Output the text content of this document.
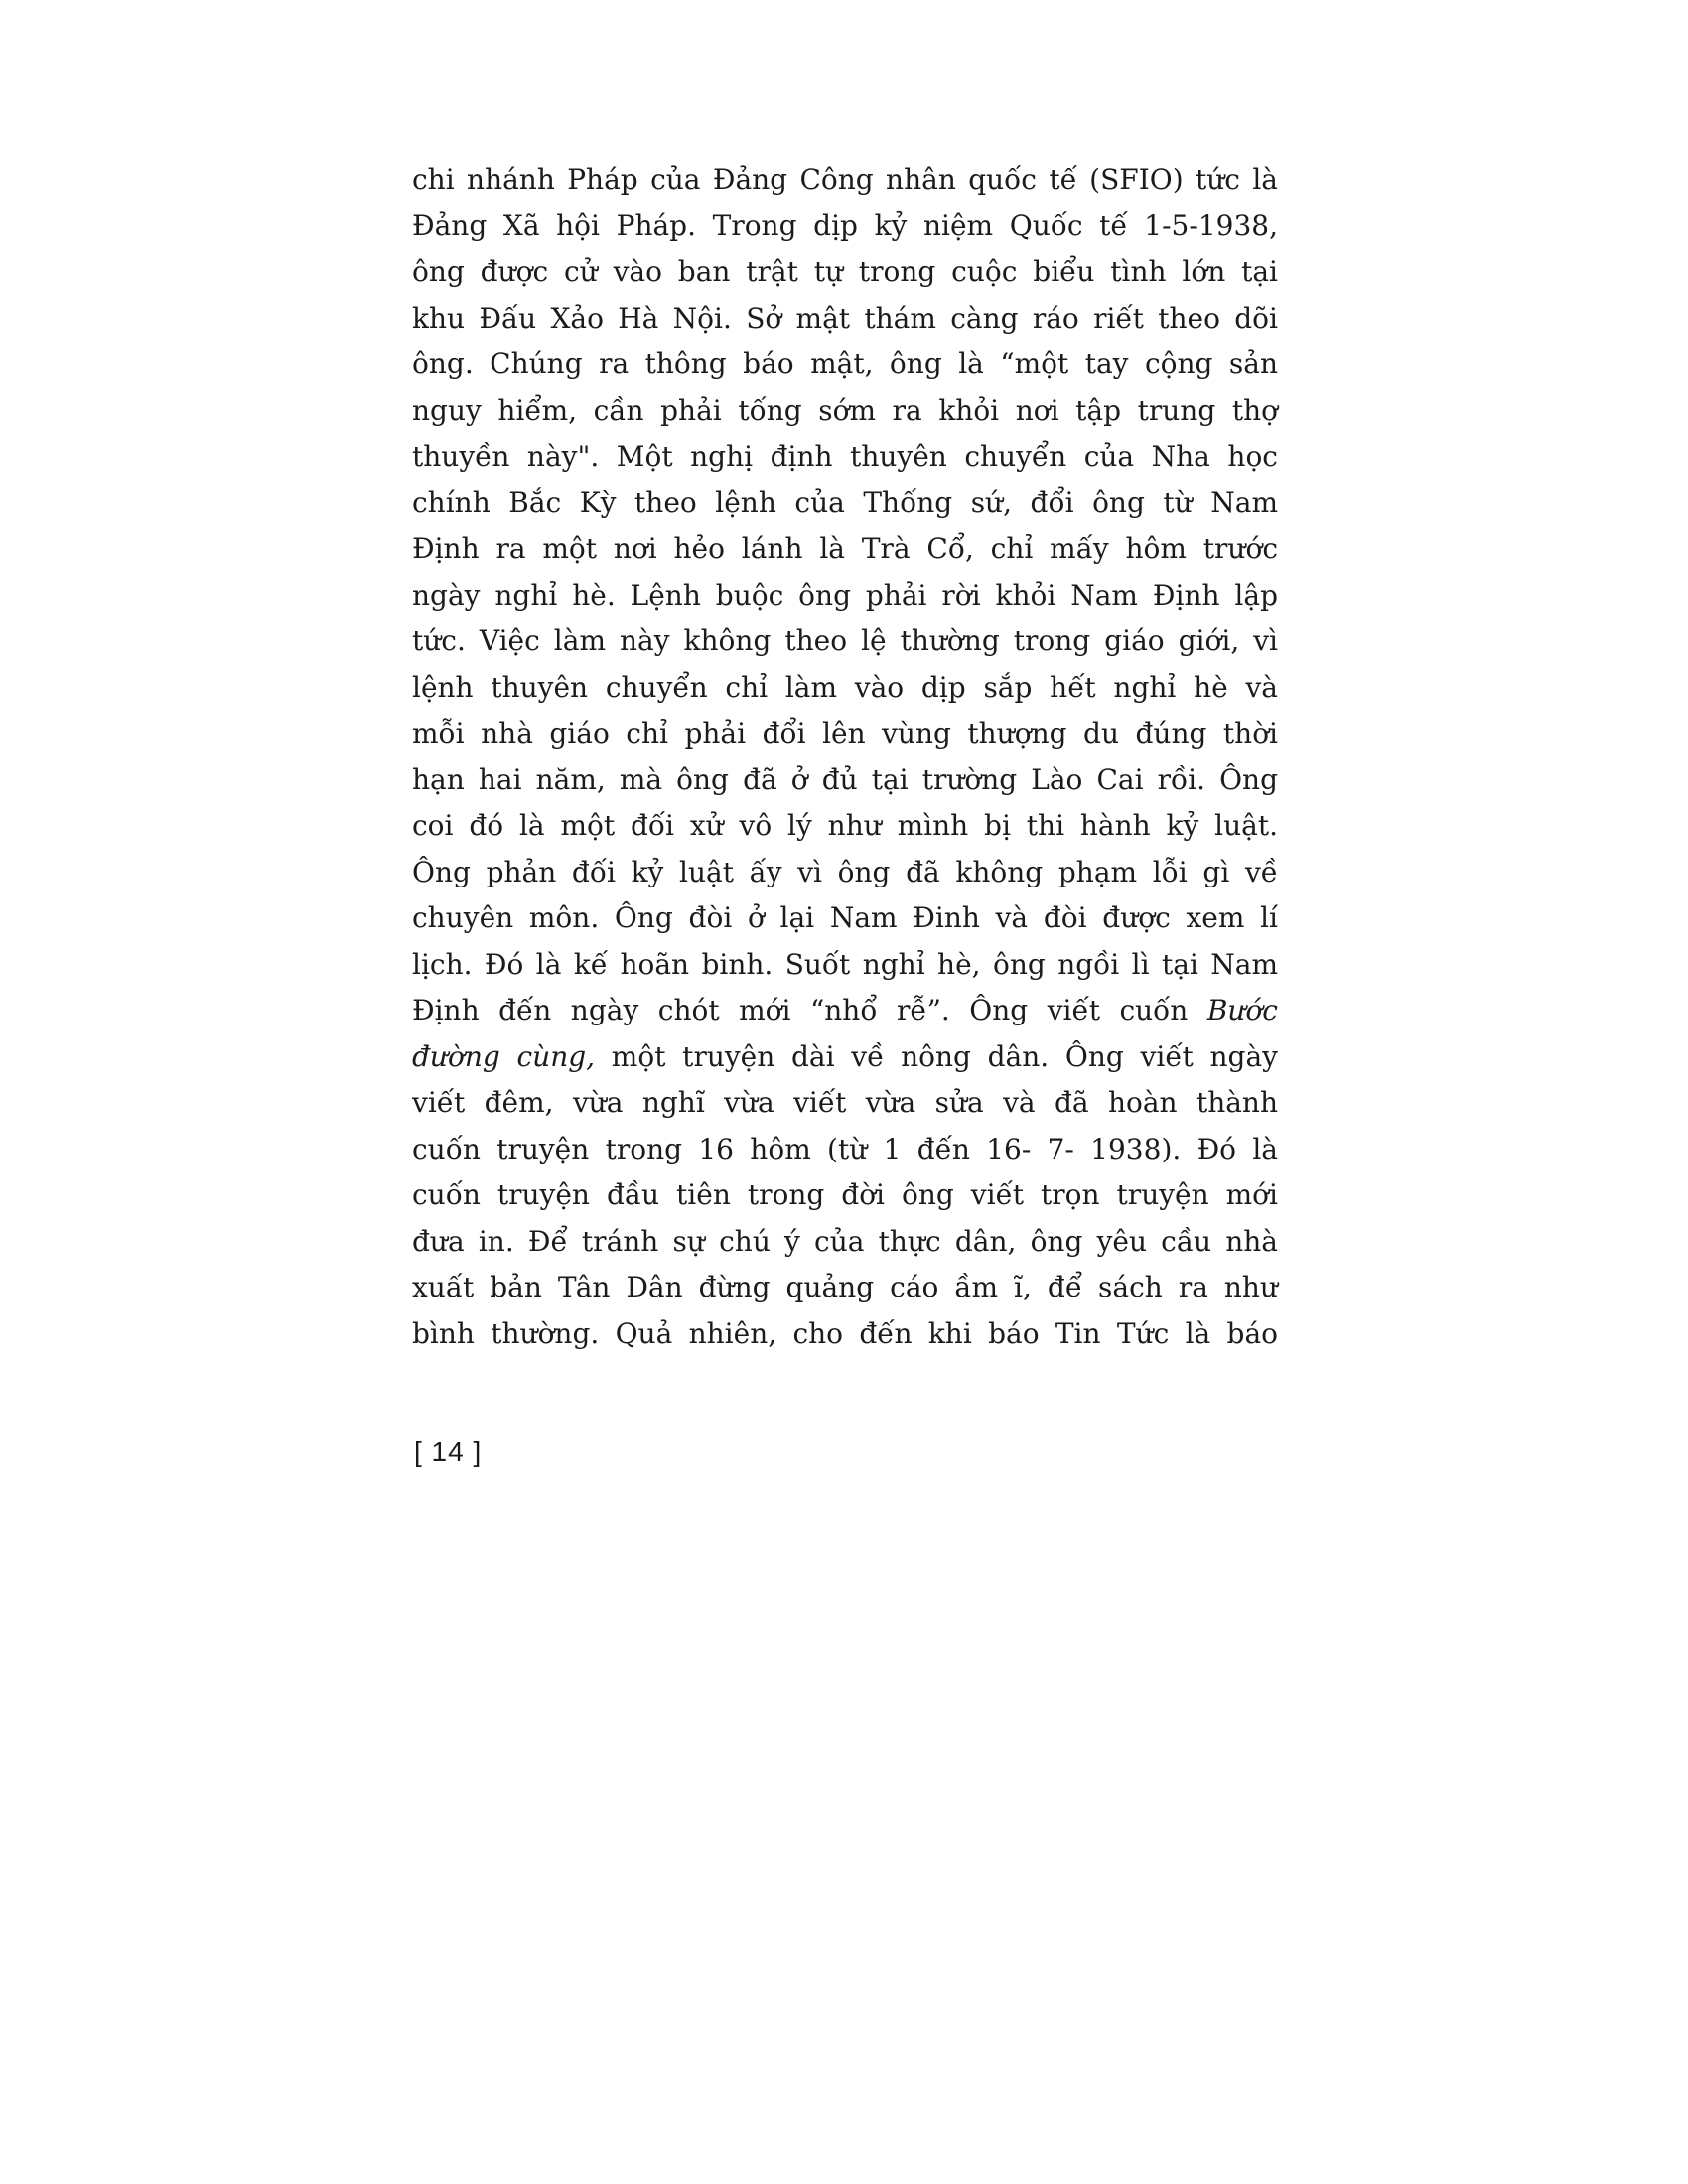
chi nhánh Pháp của Đảng Công nhân quốc tế (SFIO) tức là
Đảng Xã hội Pháp. Trong dịp kỷ niệm Quốc tế 1-5-1938,
ông được cử vào ban trật tự trong cuộc biểu tình lớn tại
khu Đấu Xảo Hà Nội. Sở mật thám càng ráo riết theo dõi
ông. Chúng ra thông báo mật, ông là “một tay cộng sản
nguy hiểm, cần phải tống sớm ra khỏi nơi tập trung thợ
thuyền này". Một nghị định thuyên chuyển của Nha học
chính Bắc Kỳ theo lệnh của Thống sứ, đổi ông từ Nam
Định ra một nơi hẻo lánh là Trà Cổ, chỉ mấy hôm trước
ngày nghỉ hè. Lệnh buộc ông phải rời khỏi Nam Định lập
tức. Việc làm này không theo lệ thường trong giáo giới, vì
lệnh thuyên chuyển chỉ làm vào dịp sắp hết nghỉ hè và
mỗi nhà giáo chỉ phải đổi lên vùng thượng du đúng thời
hạn hai năm, mà ông đã ở đủ tại trường Lào Cai rồi. Ông
coi đó là một đối xử vô lý như mình bị thi hành kỷ luật.
Ông phản đối kỷ luật ấy vì ông đã không phạm lỗi gì về
chuyên môn. Ông đòi ở lại Nam Đinh và đòi được xem lí
lịch. Đó là kế hoãn binh. Suốt nghỉ hè, ông ngồi lì tại Nam
Định đến ngày chót mới “nhổ rễ”. Ông viết cuốn Bước
đường cùng, một truyện dài về nông dân. Ông viết ngày
viết đêm, vừa nghĩ vừa viết vừa sửa và đã hoàn thành
cuốn truyện trong 16 hôm (từ 1 đến 16- 7- 1938). Đó là
cuốn truyện đầu tiên trong đời ông viết trọn truyện mới
đưa in. Để tránh sự chú ý của thực dân, ông yêu cầu nhà
xuất bản Tân Dân đừng quảng cáo ầm ĩ, để sách ra như
bình thường. Quả nhiên, cho đến khi báo Tin Tức là báo
[ 14 ]
